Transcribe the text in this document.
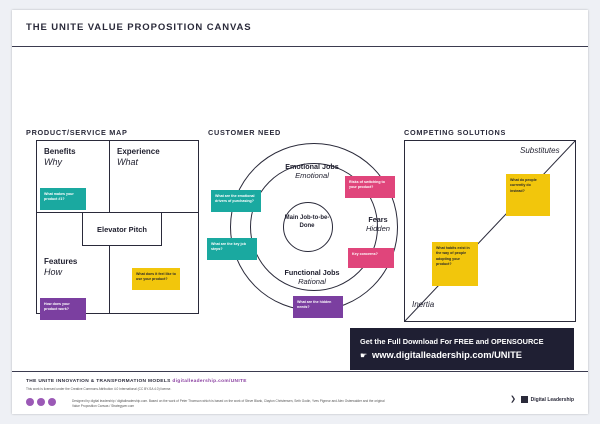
THE UNITE VALUE PROPOSITION CANVAS
PRODUCT/SERVICE MAP	CUSTOMER NEED	COMPETING SOLUTIONS
Benefits
Why
Experience
What
Features
How
Elevator Pitch
What makes your product #1?
How does your product work?
What does it feel like to use your product?
Emotional Jobs
Emotional
Functional Jobs
Rational
Main Job-to-be-Done
Fears
Hidden
What are the emotional drivers of purchasing?
Risks of switching to your product?
What are the key job steps?
Key concerns?
What are the hidden needs?
Substitutes
Inertia
What do people currently do instead?
What habits exist in the way of people adopting your product?
Get the Full Download For FREE and OPENSOURCE
☛ www.digitalleadership.com/UNITE
THE UNITE INNOVATION & TRANSFORMATION MODELS digitalleadership.com/UNITE
This work is licensed under the Creative Commons Attribution 4.0 International (CC BY-SA 4.0) license.
Designed by digital leadership / digitalleadership.com. Based on the work of Peter Thomson which is based on the work of Steve Blank, Clayton Christensen, Seth Godin, Yves Pigneur and Alex Osterwalder and the original Value Proposition Canvas / Strategyzer.com
❯	Digital Leadership
